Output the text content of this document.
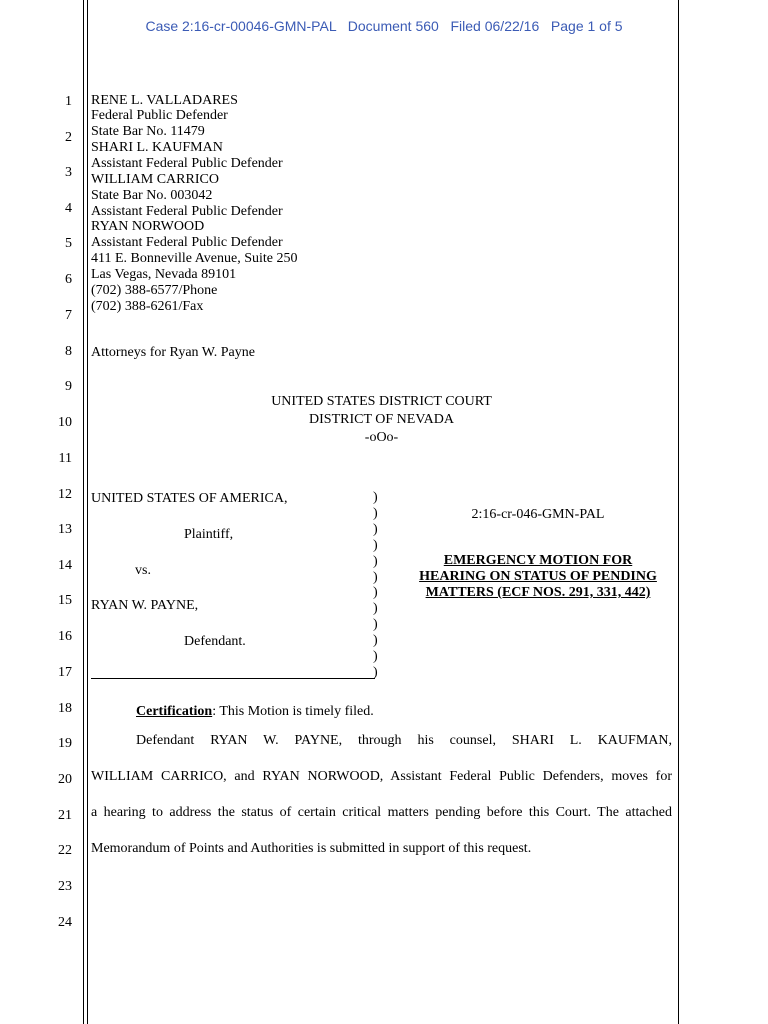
Case 2:16-cr-00046-GMN-PAL Document 560 Filed 06/22/16 Page 1 of 5
1
2
3
4
5
6
7
8
9
10
11
12
13
14
15
16
17
18
19
20
21
22
23
24
RENE L. VALLADARES
Federal Public Defender
State Bar No. 11479
SHARI L. KAUFMAN
Assistant Federal Public Defender
WILLIAM CARRICO
State Bar No. 003042
Assistant Federal Public Defender
RYAN NORWOOD
Assistant Federal Public Defender
411 E. Bonneville Avenue, Suite 250
Las Vegas, Nevada 89101
(702) 388-6577/Phone
(702) 388-6261/Fax
Attorneys for Ryan W. Payne
UNITED STATES DISTRICT COURT
DISTRICT OF NEVADA
-oOo-
UNITED STATES OF AMERICA,
Plaintiff,
vs.
RYAN W. PAYNE,
Defendant.
)
)
)
)
)
)
)
)
)
)
)
)
2:16-cr-046-GMN-PAL
EMERGENCY MOTION FOR
HEARING ON STATUS OF PENDING
MATTERS (ECF NOS. 291, 331, 442)
Certification: This Motion is timely filed.
Defendant RYAN W. PAYNE, through his counsel, SHARI L. KAUFMAN,
WILLIAM CARRICO, and RYAN NORWOOD, Assistant Federal Public Defenders, moves for
a hearing to address the status of certain critical matters pending before this Court. The attached
Memorandum of Points and Authorities is submitted in support of this request.
